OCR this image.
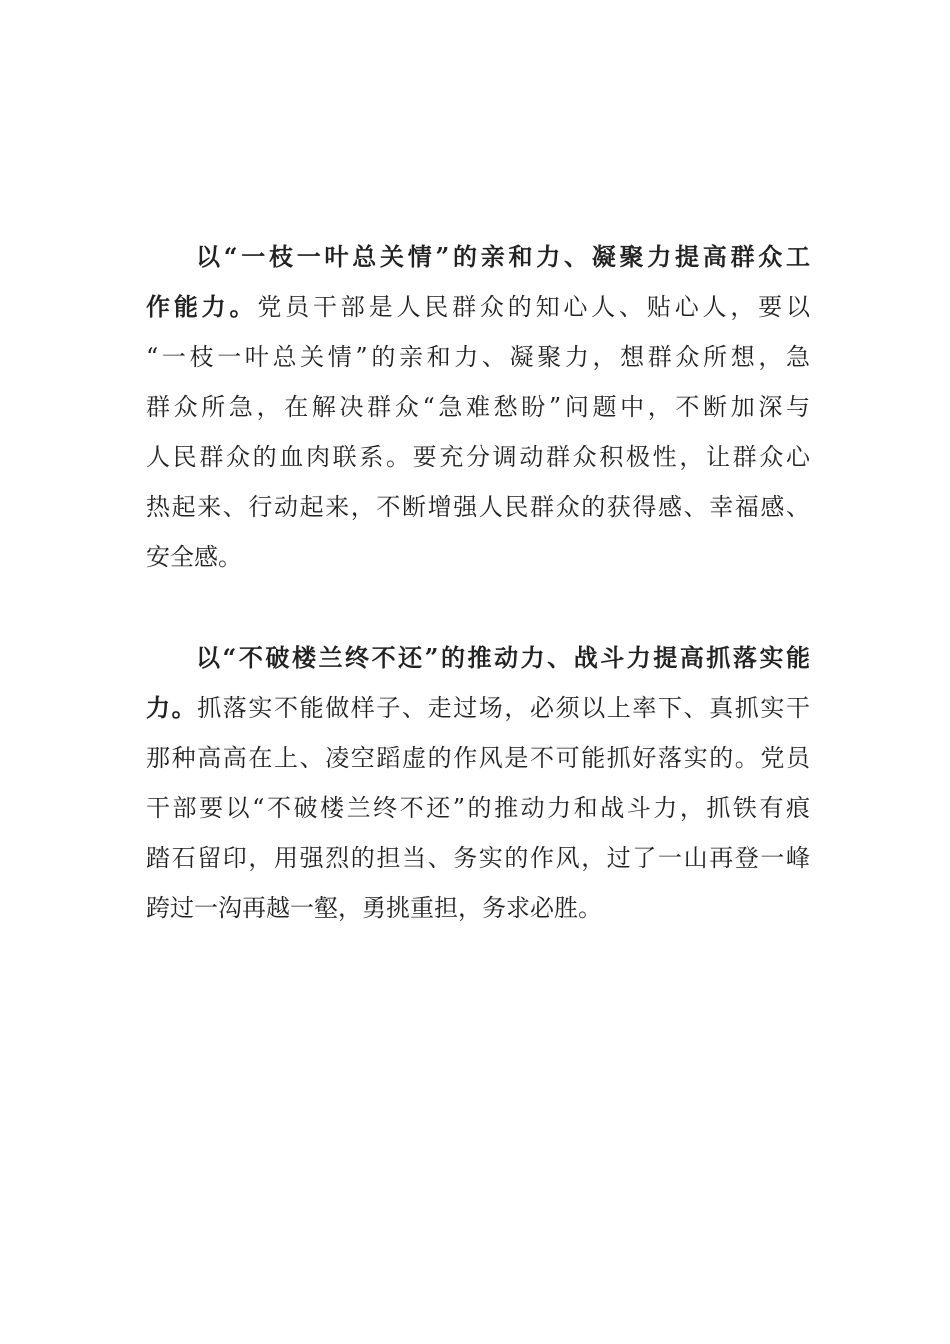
以“一枝一叶总关情”的亲和力、凝聚力提高群众工
作能力。党员干部是人民群众的知心人、贴心人，要以
“一枝一叶总关情”的亲和力、凝聚力，想群众所想，急
群众所急，在解决群众“急难愁盼”问题中，不断加深与
人民群众的血肉联系。要充分调动群众积极性，让群众心
热起来、行动起来，不断增强人民群众的获得感、幸福感、
安全感。
以“不破楼兰终不还”的推动力、战斗力提高抓落实能
力。抓落实不能做样子、走过场，必须以上率下、真抓实干
那种高高在上、凌空蹈虚的作风是不可能抓好落实的。党员
干部要以“不破楼兰终不还”的推动力和战斗力，抓铁有痕
踏石留印，用强烈的担当、务实的作风，过了一山再登一峰
跨过一沟再越一壑，勇挑重担，务求必胜。
